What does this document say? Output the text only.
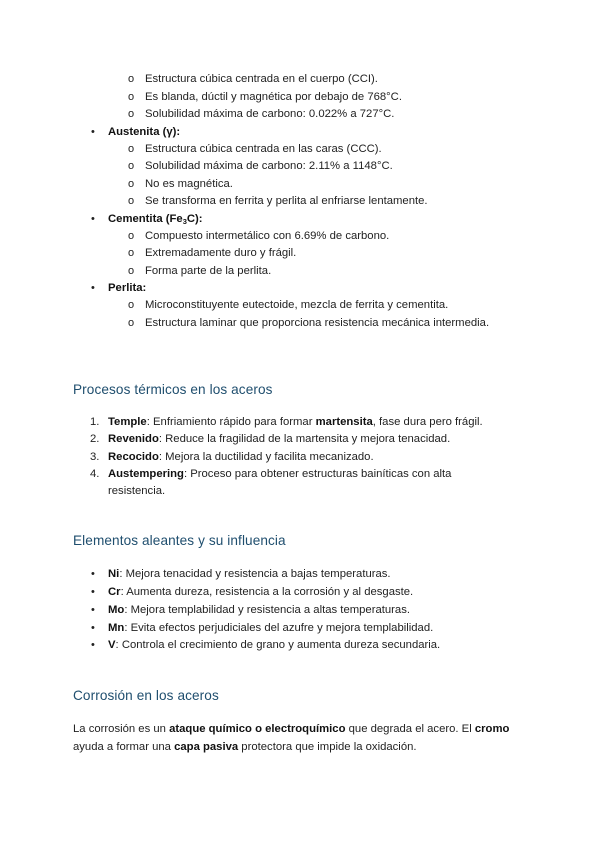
o Estructura cúbica centrada en el cuerpo (CCI).
o Es blanda, dúctil y magnética por debajo de 768°C.
o Solubilidad máxima de carbono: 0.022% a 727°C.
• Austenita (γ):
o Estructura cúbica centrada en las caras (CCC).
o Solubilidad máxima de carbono: 2.11% a 1148°C.
o No es magnética.
o Se transforma en ferrita y perlita al enfriarse lentamente.
• Cementita $(Fe_3C)$:
o Compuesto intermetálico con 6.69% de carbono.
o Extremadamente duro y frágil.
o Forma parte de la perlita.
• Perlita:
o Microconstituyente eutectoide, mezcla de ferrita y cementita.
o Estructura laminar que proporciona resistencia mecánica intermedia.
Procesos térmicos en los aceros
1. Temple: Enfriamiento rápido para formar martensita, fase dura pero frágil.
2. Revenido: Reduce la fragilidad de la martensita y mejora tenacidad.
3. Recocido: Mejora la ductilidad y facilita mecanizado.
4. Austempering: Proceso para obtener estructuras bainíticas con alta
resistencia.
Elementos aleantes y su influencia
• Ni: Mejora tenacidad y resistencia a bajas temperaturas.
• Cr: Aumenta dureza, resistencia a la corrosión y al desgaste.
• Mo: Mejora templabilidad y resistencia a altas temperaturas.
• Mn: Evita efectos perjudiciales del azufre y mejora templabilidad.
• V: Controla el crecimiento de grano y aumenta dureza secundaria.
Corrosión en los aceros
La corrosión es un ataque químico o electroquímico que degrada el acero. El cromo
ayuda a formar una capa pasiva protectora que impide la oxidación.
